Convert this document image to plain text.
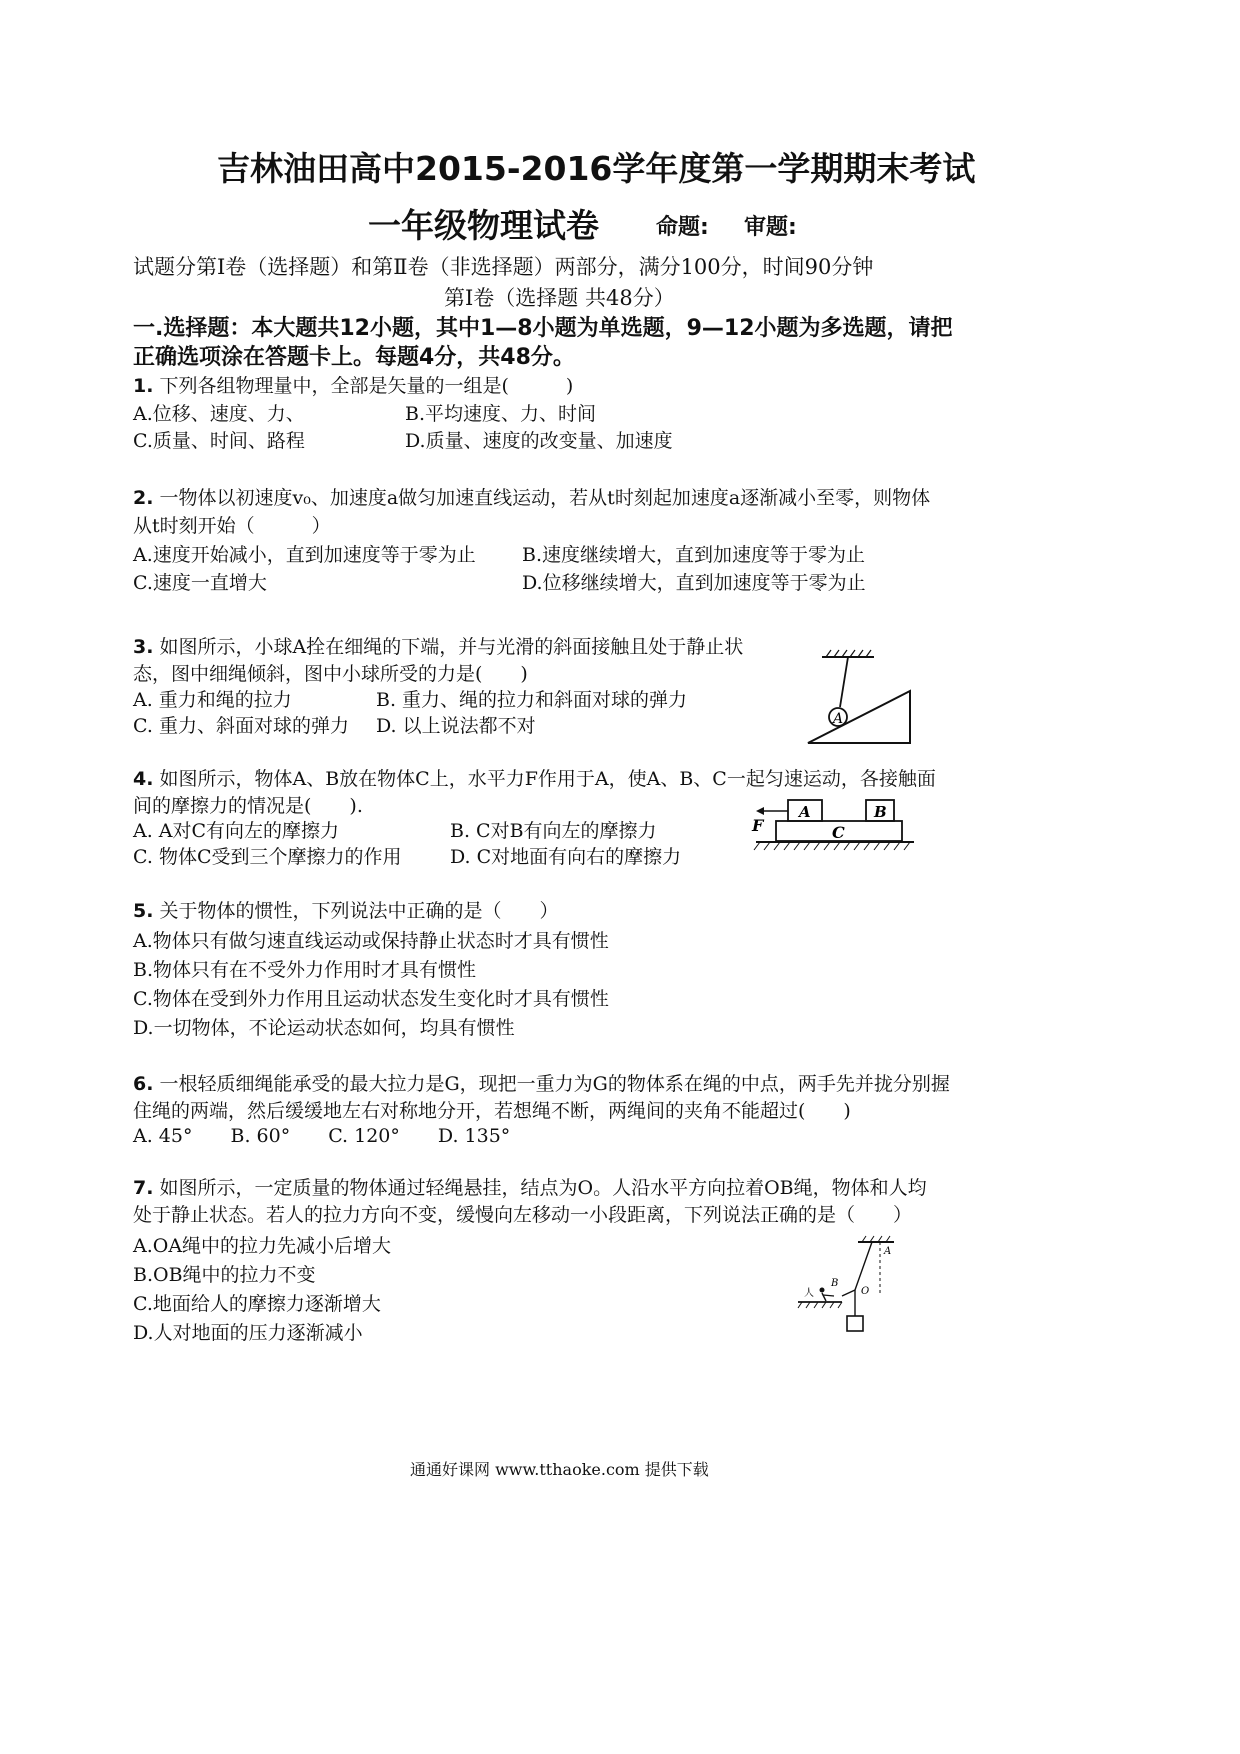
吉林油田高中2015-2016学年度第一学期期末考试
一年级物理试卷	命题: 审题:
试题分第Ⅰ卷（选择题）和第Ⅱ卷（非选择题）两部分，满分100分，时间90分钟
第Ⅰ卷（选择题 共48分）
一.选择题：本大题共12小题，其中1—8小题为单选题，9—12小题为多选题，请把
正确选项涂在答题卡上。每题4分，共48分。
1. 下列各组物理量中，全部是矢量的一组是(　　　)
A.位移、速度、力、	B.平均速度、力、时间
C.质量、时间、路程	D.质量、速度的改变量、加速度
2. 一物体以初速度v₀、加速度a做匀加速直线运动，若从t时刻起加速度a逐渐减小至零，则物体
从t时刻开始（　　　）
A.速度开始减小，直到加速度等于零为止 B.速度继续增大，直到加速度等于零为止
C.速度一直增大	D.位移继续增大，直到加速度等于零为止
3. 如图所示，小球A拴在细绳的下端，并与光滑的斜面接触且处于静止状
态，图中细绳倾斜，图中小球所受的力是(　　)
A. 重力和绳的拉力	B. 重力、绳的拉力和斜面对球的弹力
C. 重力、斜面对球的弹力 D. 以上说法都不对	A
4. 如图所示，物体A、B放在物体C上，水平力F作用于A，使A、B、C一起匀速运动，各接触面
间的摩擦力的情况是(　　).
A. A对C有向左的摩擦力	B. C对B有向左的摩擦力
C. 物体C受到三个摩擦力的作用	D. C对地面有向右的摩擦力
A	B
C
F
5. 关于物体的惯性，下列说法中正确的是（　　）
A.物体只有做匀速直线运动或保持静止状态时才具有惯性
B.物体只有在不受外力作用时才具有惯性
C.物体在受到外力作用且运动状态发生变化时才具有惯性
D.一切物体，不论运动状态如何，均具有惯性
6. 一根轻质细绳能承受的最大拉力是G，现把一重力为G的物体系在绳的中点，两手先并拢分别握
住绳的两端，然后缓缓地左右对称地分开，若想绳不断，两绳间的夹角不能超过(　　)
A. 45°　　B. 60°　　C. 120°　　D. 135°
7. 如图所示，一定质量的物体通过轻绳悬挂，结点为O。人沿水平方向拉着OB绳，物体和人均
处于静止状态。若人的拉力方向不变，缓慢向左移动一小段距离，下列说法正确的是（　　）
A.OA绳中的拉力先减小后增大
B.OB绳中的拉力不变
C.地面给人的摩擦力逐渐增大
D.人对地面的压力逐渐减小
人
B
O
A
通通好课网 www.tthaoke.com 提供下载
